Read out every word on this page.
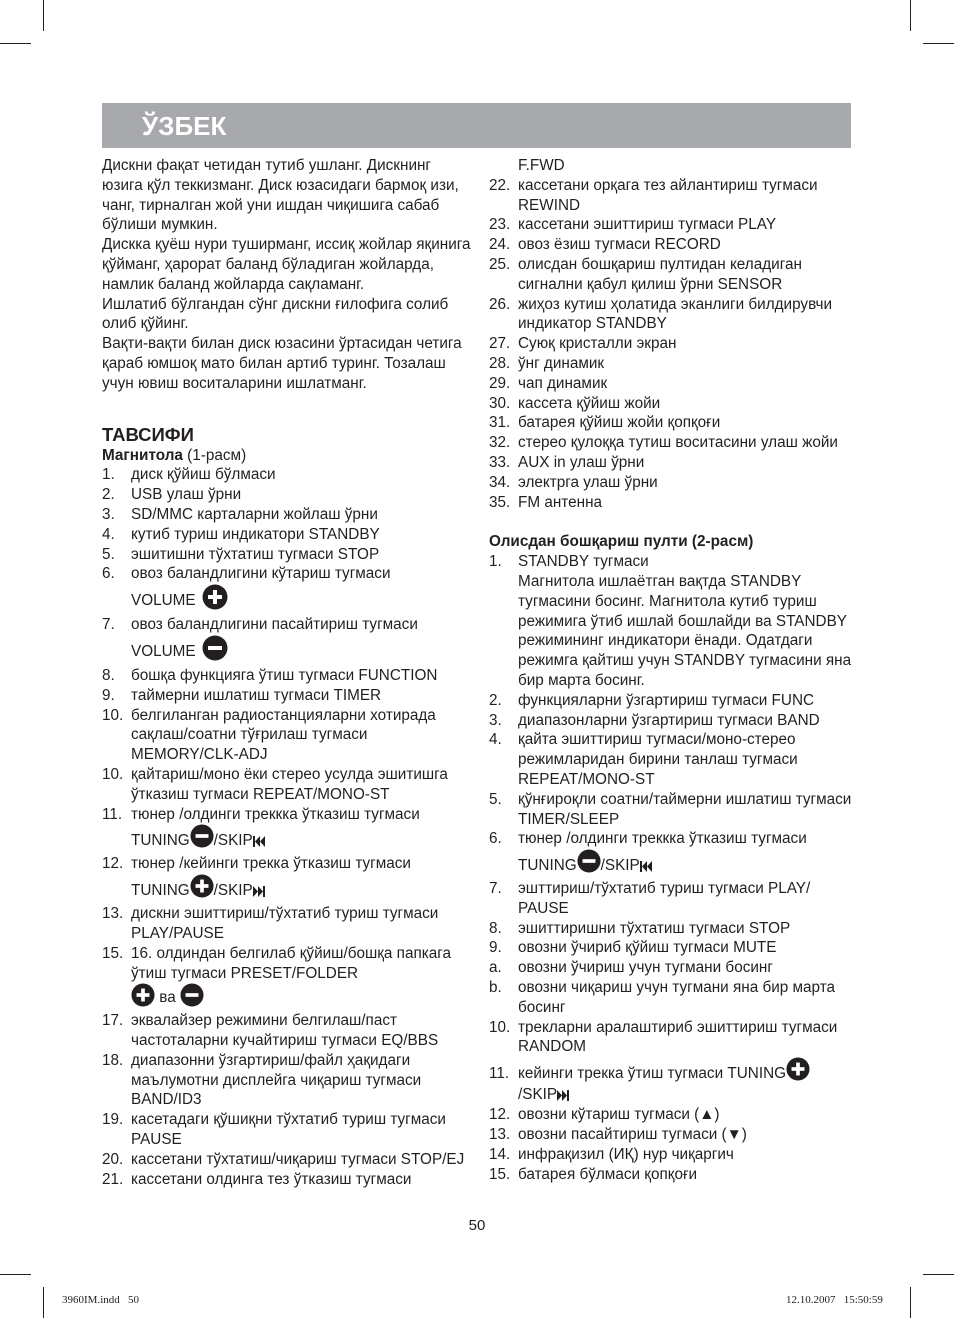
ЎЗБЕК

Дискни фақат четидан тутиб ушланг. Дискнинг юзига қўл теккизманг. Диск юзасидаги бармоқ изи, чанг, тирналган жой уни ишдан чиқишига сабаб бўлиши мумкин.

Дискка қуёш нури туширманг, иссиқ жойлар яқинига қўйманг, ҳарорат баланд бўладиган жойларда, намлик баланд жойларда сақламанг.

Ишлатиб бўлгандан сўнг дискни ғилофига солиб олиб қўйинг.

Вақти-вақти билан диск юзасини ўртасидан четига қараб юмшоқ мато билан артиб туринг. Тозалаш учун ювиш воситаларини ишлатманг.

ТАВСИФИ
Магнитола (1-расм)
1. диск қўйиш бўлмаси
2. USB улаш ўрни
3. SD/MMC карталарни жойлаш ўрни
4. кутиб туриш индикатори STANDBY
5. эшитишни тўхтатиш тугмаси STOP
6. овоз баландлигини кўтариш тугмаси
VOLUME
7. овоз баландлигини пасайтириш тугмаси
VOLUME
8. бошқа функцияга ўтиш тугмаси FUNCTION
9. таймерни ишлатиш тугмаси TIMER
10. белгиланган радиостанцияларни хотирада сақлаш/соатни тўғрилаш тугмаси MEMORY/CLK-ADJ
10. қайтариш/моно ёки стерео усулда эшитишга ўтказиш тугмаси REPEAT/MONO-ST
11. тюнер /олдинги треккка ўтказиш тугмаси
TUNING /SKIP
12. тюнер /кейинги трекка ўтказиш тугмаси
TUNING /SKIP
13. дискни эшиттириш/тўхтатиб туриш тугмаси PLAY/PAUSE
15. 16. олдиндан белгилаб қўйиш/бошқа папкага ўтиш тугмаси PRESET/FOLDER
ва
17. эквалайзер режимини белгилаш/паст частоталарни кучайтириш тугмаси EQ/BBS
18. диапазонни ўзгартириш/файл ҳақидаги маълумотни дисплейга чиқариш тугмаси BAND/ID3
19. касетадаги қўшиқни тўхтатиб туриш тугмаси PAUSE
20. кассетани тўхтатиш/чиқариш тугмаси STOP/EJ
21. кассетани олдинга тез ўтказиш тугмаси
F.FWD
22. кассетани орқага тез айлантириш тугмаси REWIND
23. кассетани эшиттириш тугмаси PLAY
24. овоз ёзиш тугмаси RECORD
25. олисдан бошқариш пултидан келадиган сигнални қабул қилиш ўрни SENSOR
26. жиҳоз кутиш ҳолатида эканлиги билдирувчи индикатор STANDBY
27. Суюқ кристалли экран
28. ўнг динамик
29. чап динамик
30. кассета қўйиш жойи
31. батарея қўйиш жойи қопқоғи
32. стерео қулоққа тутиш воситасини улаш жойи
33. AUX in улаш ўрни
34. электрга улаш ўрни
35. FM антенна
Олисдан бошқариш пулти (2-расм)
1. STANDBY тугмаси
Магнитола ишлаётган вақтда STANDBY тугмасини босинг. Магнитола кутиб туриш режимига ўтиб ишлай бошлайди ва STANDBY режимининг индикатори ёнади. Одатдаги режимга қайтиш учун STANDBY тугмасини яна бир марта босинг.
2. функцияларни ўзгартириш тугмаси FUNC
3. диапазонларни ўзгартириш тугмаси BAND
4. қайта эшиттириш тугмаси/моно-стерео режимларидан бирини танлаш тугмаси REPEAT/MONO-ST
5. қўнғироқли соатни/таймерни ишлатиш тугмаси TIMER/SLEEP
6. тюнер /олдинги треккка ўтказиш тугмаси
TUNING /SKIP
7. эшттириш/тўхтатиб туриш тугмаси PLAY/ PAUSE
8. эшиттиришни тўхтатиш тугмаси STOP
9. овозни ўчириб қўйиш тугмаси MUTE
a. овозни ўчириш учун тугмани босинг
b. овозни чиқариш учун тугмани яна бир марта босинг
10. трекларни аралаштириб эшиттириш тугмаси RANDOM
11. кейинги трекка ўтиш тугмаси TUNING
/SKIP
12. овозни кўтариш тугмаси (▲)
13. овозни пасайтириш тугмаси (▼)
14. инфрақизил (ИҚ) нур чиқаргич
15. батарея бўлмаси қопқоғи
50
3960IM.indd   50	12.10.2007   15:50:59
